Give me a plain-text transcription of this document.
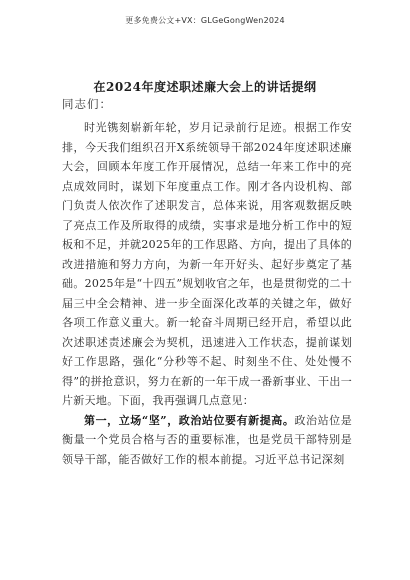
更多免费公文+VX：GLGeGongWen2024
在2024年度述职述廉大会上的讲话提纲
同志们：

时光镌刻崭新年轮，岁月记录前行足迹。根据工作安排，今天我们组织召开X系统领导干部2024年度述职述廉大会，回顾本年度工作开展情况，总结一年来工作中的亮点成效同时，谋划下年度重点工作。刚才各内设机构、部门负责人依次作了述职发言，总体来说，用客观数据反映了亮点工作及所取得的成绩，实事求是地分析工作中的短板和不足，并就2025年的工作思路、方向，提出了具体的改进措施和努力方向，为新一年开好头、起好步奠定了基础。2025年是“十四五”规划收官之年，也是贯彻党的二十届三中全会精神、进一步全面深化改革的关键之年，做好各项工作意义重大。新一轮奋斗周期已经开启，希望以此次述职述责述廉会为契机，迅速进入工作状态，提前谋划好工作思路，强化“分秒等不起、时刻坐不住、处处慢不得”的拼抢意识，努力在新的一年干成一番新事业、干出一片新天地。下面，我再强调几点意见：

第一，立场“坚”，政治站位要有新提高。政治站位是衡量一个党员合格与否的重要标准，也是党员干部特别是领导干部，能否做好工作的根本前提。习近平总书记深刻
